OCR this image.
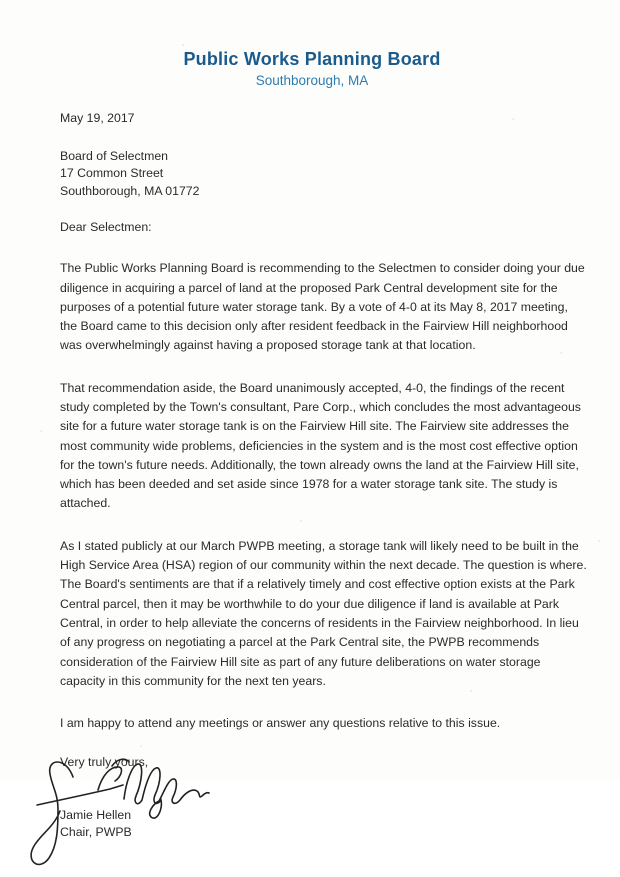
Public Works Planning Board
Southborough, MA
May 19, 2017
Board of Selectmen
17 Common Street
Southborough, MA 01772
Dear Selectmen:

The Public Works Planning Board is recommending to the Selectmen to consider doing your due diligence in acquiring a parcel of land at the proposed Park Central development site for the purposes of a potential future water storage tank. By a vote of 4-0 at its May 8, 2017 meeting, the Board came to this decision only after resident feedback in the Fairview Hill neighborhood was overwhelmingly against having a proposed storage tank at that location.

That recommendation aside, the Board unanimously accepted, 4-0, the findings of the recent study completed by the Town's consultant, Pare Corp., which concludes the most advantageous site for a future water storage tank is on the Fairview Hill site. The Fairview site addresses the most community wide problems, deficiencies in the system and is the most cost effective option for the town's future needs. Additionally, the town already owns the land at the Fairview Hill site, which has been deeded and set aside since 1978 for a water storage tank site. The study is attached.

As I stated publicly at our March PWPB meeting, a storage tank will likely need to be built in the High Service Area (HSA) region of our community within the next decade. The question is where. The Board's sentiments are that if a relatively timely and cost effective option exists at the Park Central parcel, then it may be worthwhile to do your due diligence if land is available at Park Central, in order to help alleviate the concerns of residents in the Fairview neighborhood. In lieu of any progress on negotiating a parcel at the Park Central site, the PWPB recommends consideration of the Fairview Hill site as part of any future deliberations on water storage capacity in this community for the next ten years.

I am happy to attend any meetings or answer any questions relative to this issue.

Very truly yours,
Jamie Hellen
Chair, PWPB
